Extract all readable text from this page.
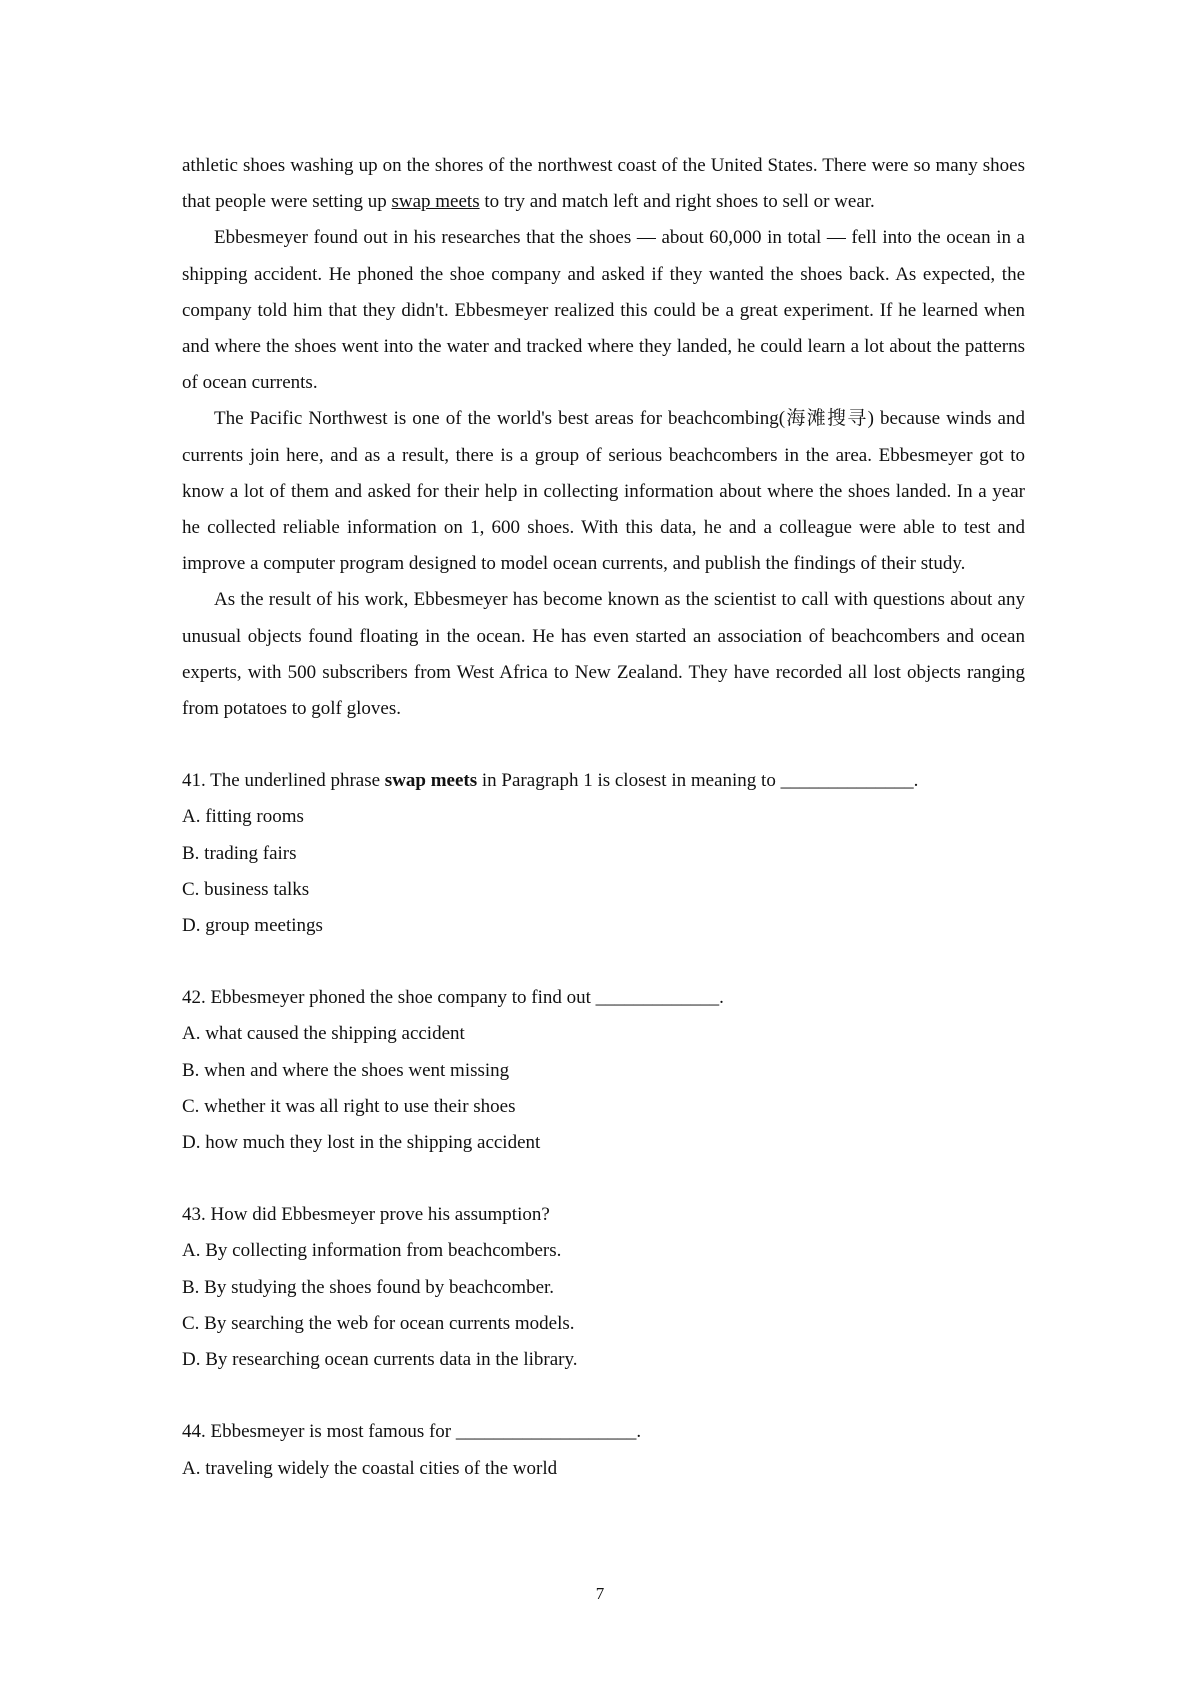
athletic shoes washing up on the shores of the northwest coast of the United States. There were so many shoes that people were setting up swap meets to try and match left and right shoes to sell or wear.

Ebbesmeyer found out in his researches that the shoes — about 60,000 in total — fell into the ocean in a shipping accident. He phoned the shoe company and asked if they wanted the shoes back. As expected, the company told him that they didn't. Ebbesmeyer realized this could be a great experiment. If he learned when and where the shoes went into the water and tracked where they landed, he could learn a lot about the patterns of ocean currents.

The Pacific Northwest is one of the world's best areas for beachcombing(海滩搜寻) because winds and currents join here, and as a result, there is a group of serious beachcombers in the area. Ebbesmeyer got to know a lot of them and asked for their help in collecting information about where the shoes landed. In a year he collected reliable information on 1, 600 shoes. With this data, he and a colleague were able to test and improve a computer program designed to model ocean currents, and publish the findings of their study.

As the result of his work, Ebbesmeyer has become known as the scientist to call with questions about any unusual objects found floating in the ocean. He has even started an association of beachcombers and ocean experts, with 500 subscribers from West Africa to New Zealand. They have recorded all lost objects ranging from potatoes to golf gloves.

41. The underlined phrase swap meets in Paragraph 1 is closest in meaning to ______________.

A. fitting rooms

B. trading fairs

C. business talks

D. group meetings

42. Ebbesmeyer phoned the shoe company to find out _____________.

A. what caused the shipping accident

B. when and where the shoes went missing

C. whether it was all right to use their shoes

D. how much they lost in the shipping accident

43. How did Ebbesmeyer prove his assumption?

A. By collecting information from beachcombers.

B. By studying the shoes found by beachcomber.

C. By searching the web for ocean currents models.

D. By researching ocean currents data in the library.

44. Ebbesmeyer is most famous for ___________________.

A. traveling widely the coastal cities of the world

7
